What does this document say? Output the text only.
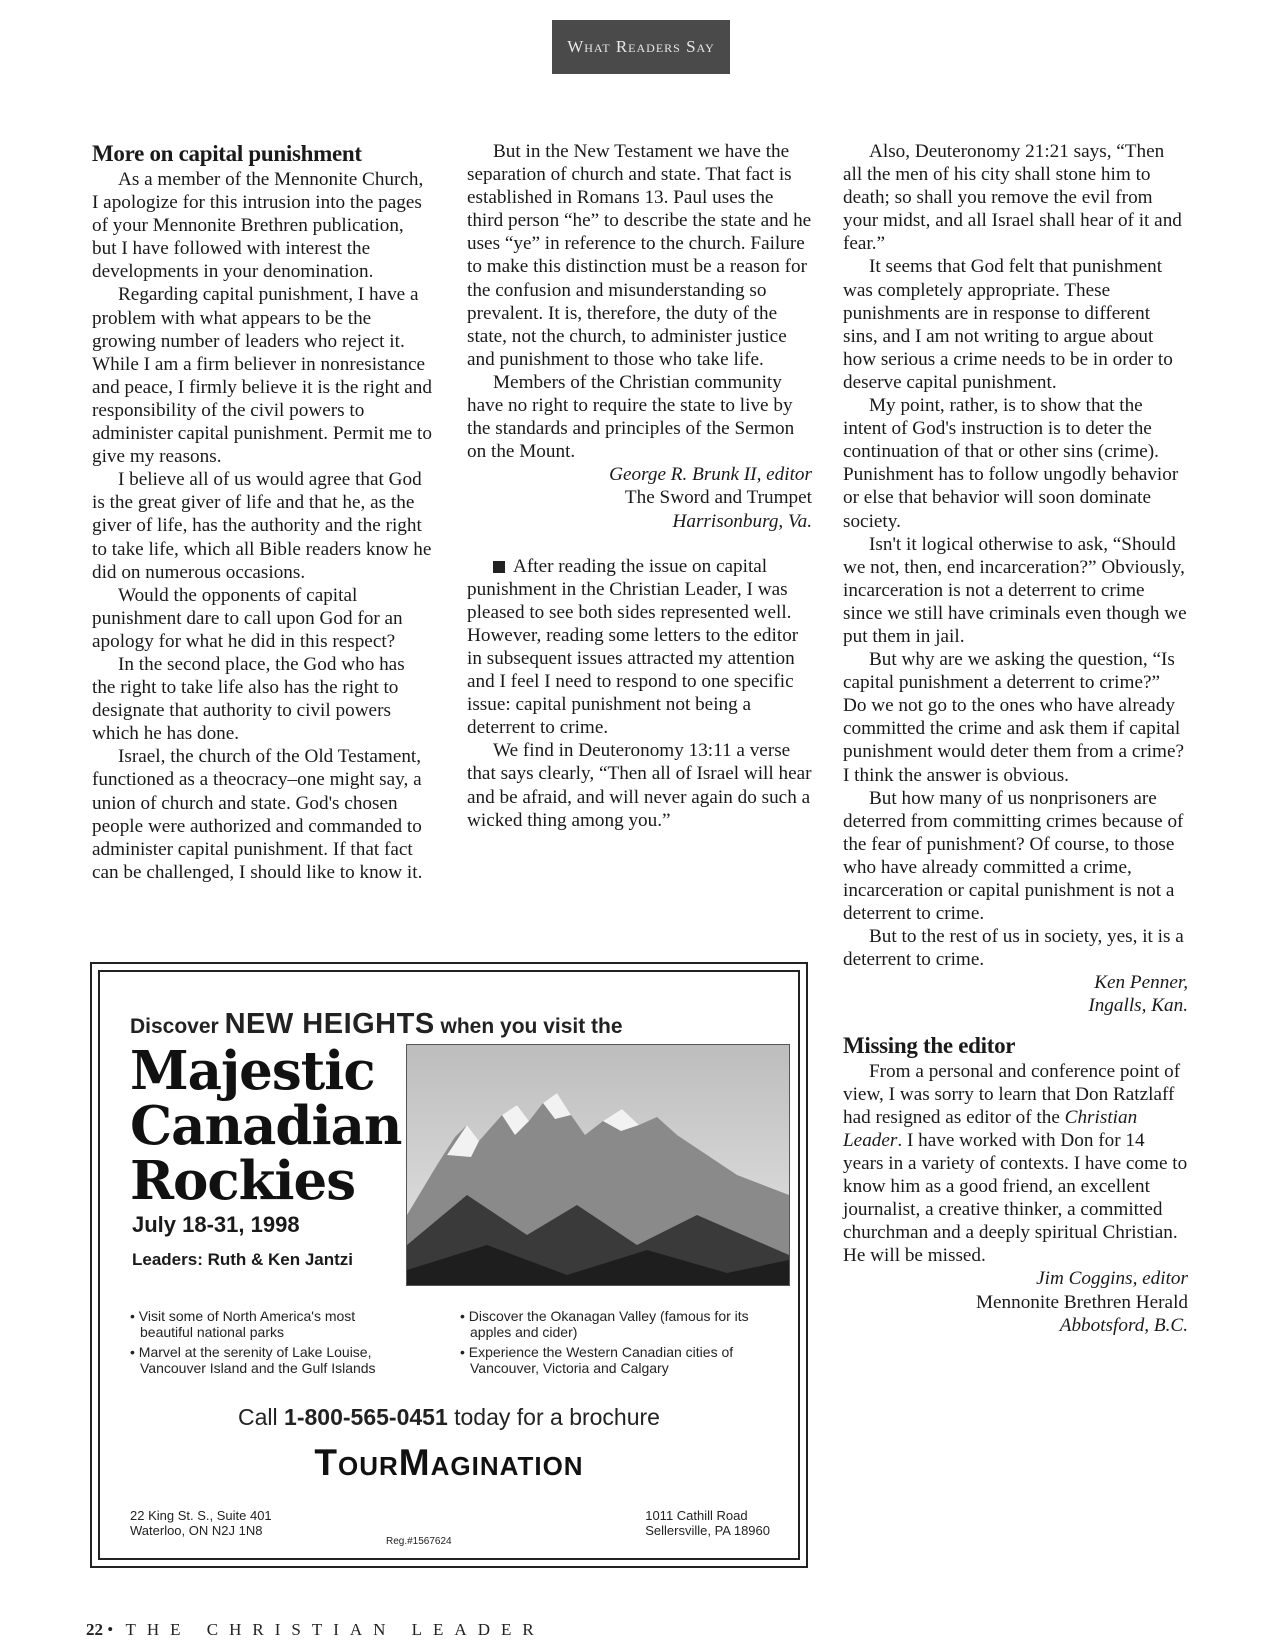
What Readers Say
More on capital punishment

As a member of the Mennonite Church, I apologize for this intrusion into the pages of your Mennonite Brethren publication, but I have followed with interest the developments in your denomination.

Regarding capital punishment, I have a problem with what appears to be the growing number of leaders who reject it. While I am a firm believer in nonresistance and peace, I firmly believe it is the right and responsibility of the civil powers to administer capital punishment. Permit me to give my reasons.

I believe all of us would agree that God is the great giver of life and that he, as the giver of life, has the authority and the right to take life, which all Bible readers know he did on numerous occasions.

Would the opponents of capital punishment dare to call upon God for an apology for what he did in this respect?

In the second place, the God who has the right to take life also has the right to designate that authority to civil powers which he has done.

Israel, the church of the Old Testament, functioned as a theocracy–one might say, a union of church and state. God's chosen people were authorized and commanded to administer capital punishment. If that fact can be challenged, I should like to know it.

But in the New Testament we have the separation of church and state. That fact is established in Romans 13. Paul uses the third person “he” to describe the state and he uses “ye” in reference to the church. Failure to make this distinction must be a reason for the confusion and misunderstanding so prevalent. It is, therefore, the duty of the state, not the church, to administer justice and punishment to those who take life.

Members of the Christian community have no right to require the state to live by the standards and principles of the Sermon on the Mount.

George R. Brunk II, editor

The Sword and Trumpet

Harrisonburg, Va.

After reading the issue on capital punishment in the Christian Leader, I was pleased to see both sides represented well. However, reading some letters to the editor in subsequent issues attracted my attention and I feel I need to respond to one specific issue: capital punishment not being a deterrent to crime.

We find in Deuteronomy 13:11 a verse that says clearly, “Then all of Israel will hear and be afraid, and will never again do such a wicked thing among you.”

Also, Deuteronomy 21:21 says, “Then all the men of his city shall stone him to death; so shall you remove the evil from your midst, and all Israel shall hear of it and fear.”

It seems that God felt that punishment was completely appropriate. These punishments are in response to different sins, and I am not writing to argue about how serious a crime needs to be in order to deserve capital punishment.

My point, rather, is to show that the intent of God's instruction is to deter the continuation of that or other sins (crime). Punishment has to follow ungodly behavior or else that behavior will soon dominate society.

Isn't it logical otherwise to ask, “Should we not, then, end incarceration?” Obviously, incarceration is not a deterrent to crime since we still have criminals even though we put them in jail.

But why are we asking the question, “Is capital punishment a deterrent to crime?” Do we not go to the ones who have already committed the crime and ask them if capital punishment would deter them from a crime? I think the answer is obvious.

But how many of us nonprisoners are deterred from committing crimes because of the fear of punishment? Of course, to those who have already committed a crime, incarceration or capital punishment is not a deterrent to crime.

But to the rest of us in society, yes, it is a deterrent to crime.

Ken Penner,

Ingalls, Kan.

Missing the editor

From a personal and conference point of view, I was sorry to learn that Don Ratzlaff had resigned as editor of the Christian Leader. I have worked with Don for 14 years in a variety of contexts. I have come to know him as a good friend, an excellent journalist, a creative thinker, a committed churchman and a deeply spiritual Christian. He will be missed.

Jim Coggins, editor

Mennonite Brethren Herald

Abbotsford, B.C.

Discover NEW HEIGHTS when you visit the
Majestic
Canadian
Rockies
July 18-31, 1998
Leaders: Ruth & Ken Jantzi
• Visit some of North America's most beautiful national parks
• Marvel at the serenity of Lake Louise, Vancouver Island and the Gulf Islands
• Discover the Okanagan Valley (famous for its apples and cider)
• Experience the Western Canadian cities of Vancouver, Victoria and Calgary
Call 1-800-565-0451 today for a brochure
TourMagination
22 King St. S., Suite 401
Waterloo, ON N2J 1N8
1011 Cathill Road
Sellersville, PA 18960
Reg.#1567624
22 • THE CHRISTIAN LEADER
